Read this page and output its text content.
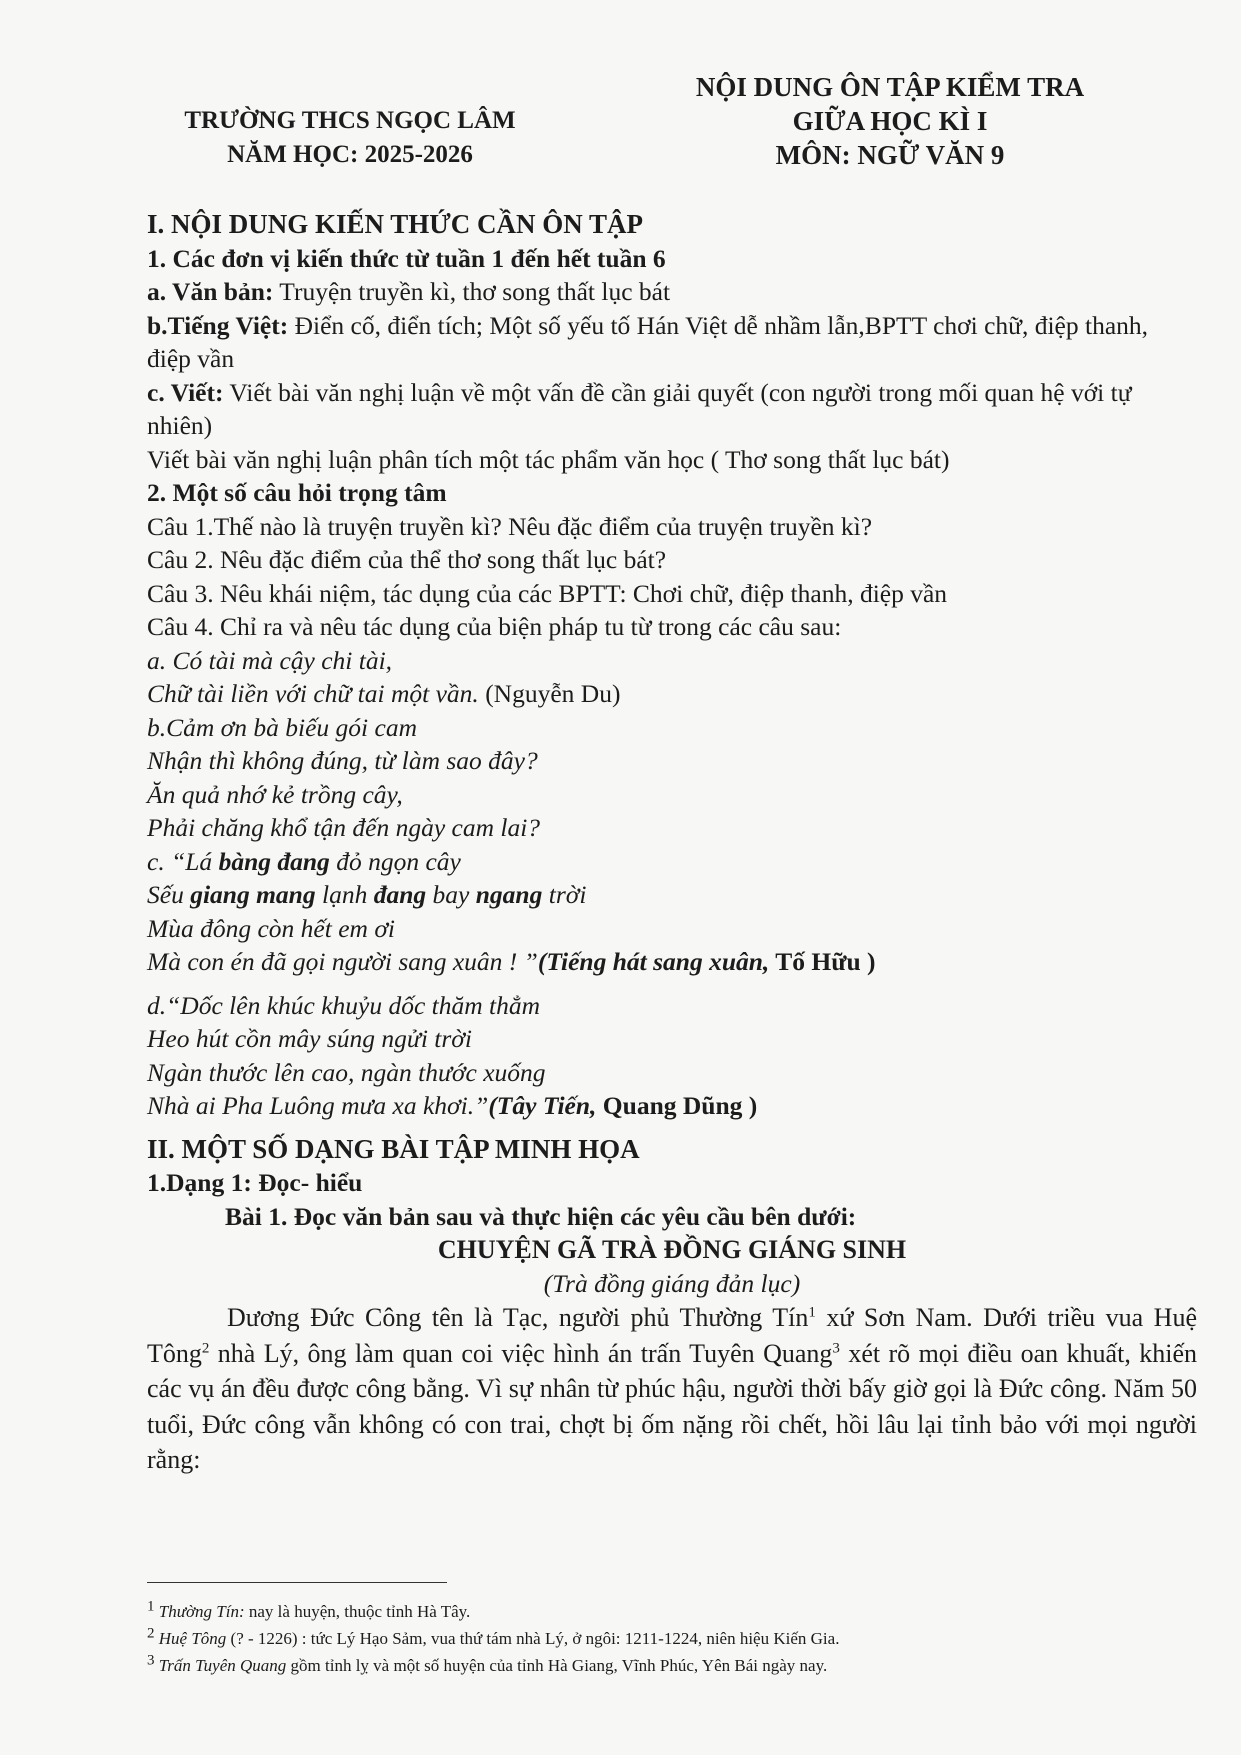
TRƯỜNG THCS NGỌC LÂM
NĂM HỌC: 2025-2026
NỘI DUNG ÔN TẬP KIỂM TRA
GIỮA HỌC KÌ I
MÔN: NGỮ VĂN 9

I. NỘI DUNG KIẾN THỨC CẦN ÔN TẬP

1. Các đơn vị kiến thức từ tuần 1 đến hết tuần 6

a. Văn bản: Truyện truyền kì, thơ song thất lục bát

b.Tiếng Việt: Điển cố, điển tích; Một số yếu tố Hán Việt dễ nhầm lẫn,BPTT chơi chữ, điệp thanh, điệp vần

c. Viết: Viết bài văn nghị luận về một vấn đề cần giải quyết (con người trong mối quan hệ với tự nhiên)

Viết bài văn nghị luận phân tích một tác phẩm văn học ( Thơ song thất lục bát)

2. Một số câu hỏi trọng tâm

Câu 1.Thế nào là truyện truyền kì? Nêu đặc điểm của truyện truyền kì?

Câu 2. Nêu đặc điểm của thể thơ song thất lục bát?

Câu 3. Nêu khái niệm, tác dụng của các BPTT: Chơi chữ, điệp thanh, điệp vần

Câu 4. Chỉ ra và nêu tác dụng của biện pháp tu từ trong các câu sau:

a. Có tài mà cậy chi tài,

Chữ tài liền với chữ tai một vần. (Nguyễn Du)

b.Cảm ơn bà biếu gói cam

Nhận thì không đúng, từ làm sao đây?

Ăn quả nhớ kẻ trồng cây,

Phải chăng khổ tận đến ngày cam lai?

c. “Lá bàng đang đỏ ngọn cây

Sếu giang mang lạnh đang bay ngang trời

Mùa đông còn hết em ơi

Mà con én đã gọi người sang xuân ! ”(Tiếng hát sang xuân, Tố Hữu )

d.“Dốc lên khúc khuỷu dốc thăm thẳm

Heo hút cồn mây súng ngửi trời

Ngàn thước lên cao, ngàn thước xuống

Nhà ai Pha Luông mưa xa khơi.”(Tây Tiến, Quang Dũng )

II. MỘT SỐ DẠNG BÀI TẬP MINH HỌA

1.Dạng 1: Đọc- hiểu

Bài 1. Đọc văn bản sau và thực hiện các yêu cầu bên dưới:

CHUYỆN GÃ TRÀ ĐỒNG GIÁNG SINH

(Trà đồng giáng đản lục)

Dương Đức Công tên là Tạc, người phủ Thường Tín$^1$ xứ Sơn Nam. Dưới triều vua Huệ Tông$^2$ nhà Lý, ông làm quan coi việc hình án trấn Tuyên Quang$^3$ xét rõ mọi điều oan khuất, khiến các vụ án đều được công bằng. Vì sự nhân từ phúc hậu, người thời bấy giờ gọi là Đức công. Năm 50 tuổi, Đức công vẫn không có con trai, chợt bị ốm nặng rồi chết, hồi lâu lại tỉnh bảo với mọi người rằng:

$^1$ Thường Tín: nay là huyện, thuộc tỉnh Hà Tây.

$^2$ Huệ Tông (? - 1226) : tức Lý Hạo Sảm, vua thứ tám nhà Lý, ở ngôi: 1211-1224, niên hiệu Kiến Gia.

$^3$ Trấn Tuyên Quang gồm tỉnh lỵ và một số huyện của tỉnh Hà Giang, Vĩnh Phúc, Yên Bái ngày nay.
